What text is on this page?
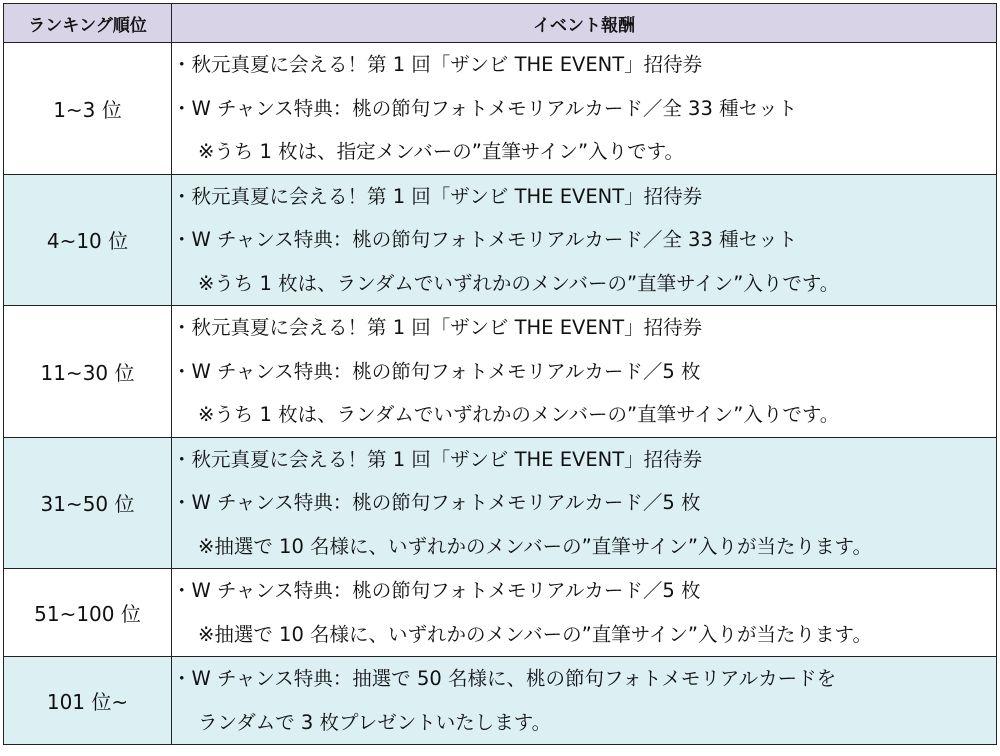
ランキング順位	イベント報酬
1~3 位	・秋元真夏に会える！第 1 回「ザンビ THE EVENT」招待券
・W チャンス特典：桃の節句フォトメモリアルカード／全 33 種セット
※うち 1 枚は、指定メンバーの”直筆サイン”入りです。

4~10 位	・秋元真夏に会える！第 1 回「ザンビ THE EVENT」招待券
・W チャンス特典：桃の節句フォトメモリアルカード／全 33 種セット
※うち 1 枚は、ランダムでいずれかのメンバーの”直筆サイン”入りです。

11~30 位	・秋元真夏に会える！第 1 回「ザンビ THE EVENT」招待券
・W チャンス特典：桃の節句フォトメモリアルカード／5 枚
※うち 1 枚は、ランダムでいずれかのメンバーの”直筆サイン”入りです。

31~50 位	・秋元真夏に会える！第 1 回「ザンビ THE EVENT」招待券
・W チャンス特典：桃の節句フォトメモリアルカード／5 枚
※抽選で 10 名様に、いずれかのメンバーの”直筆サイン”入りが当たります。

51~100 位	・W チャンス特典：桃の節句フォトメモリアルカード／5 枚
※抽選で 10 名様に、いずれかのメンバーの”直筆サイン”入りが当たります。

101 位~	・W チャンス特典：抽選で 50 名様に、桃の節句フォトメモリアルカードを
ランダムで 3 枚プレゼントいたします。
